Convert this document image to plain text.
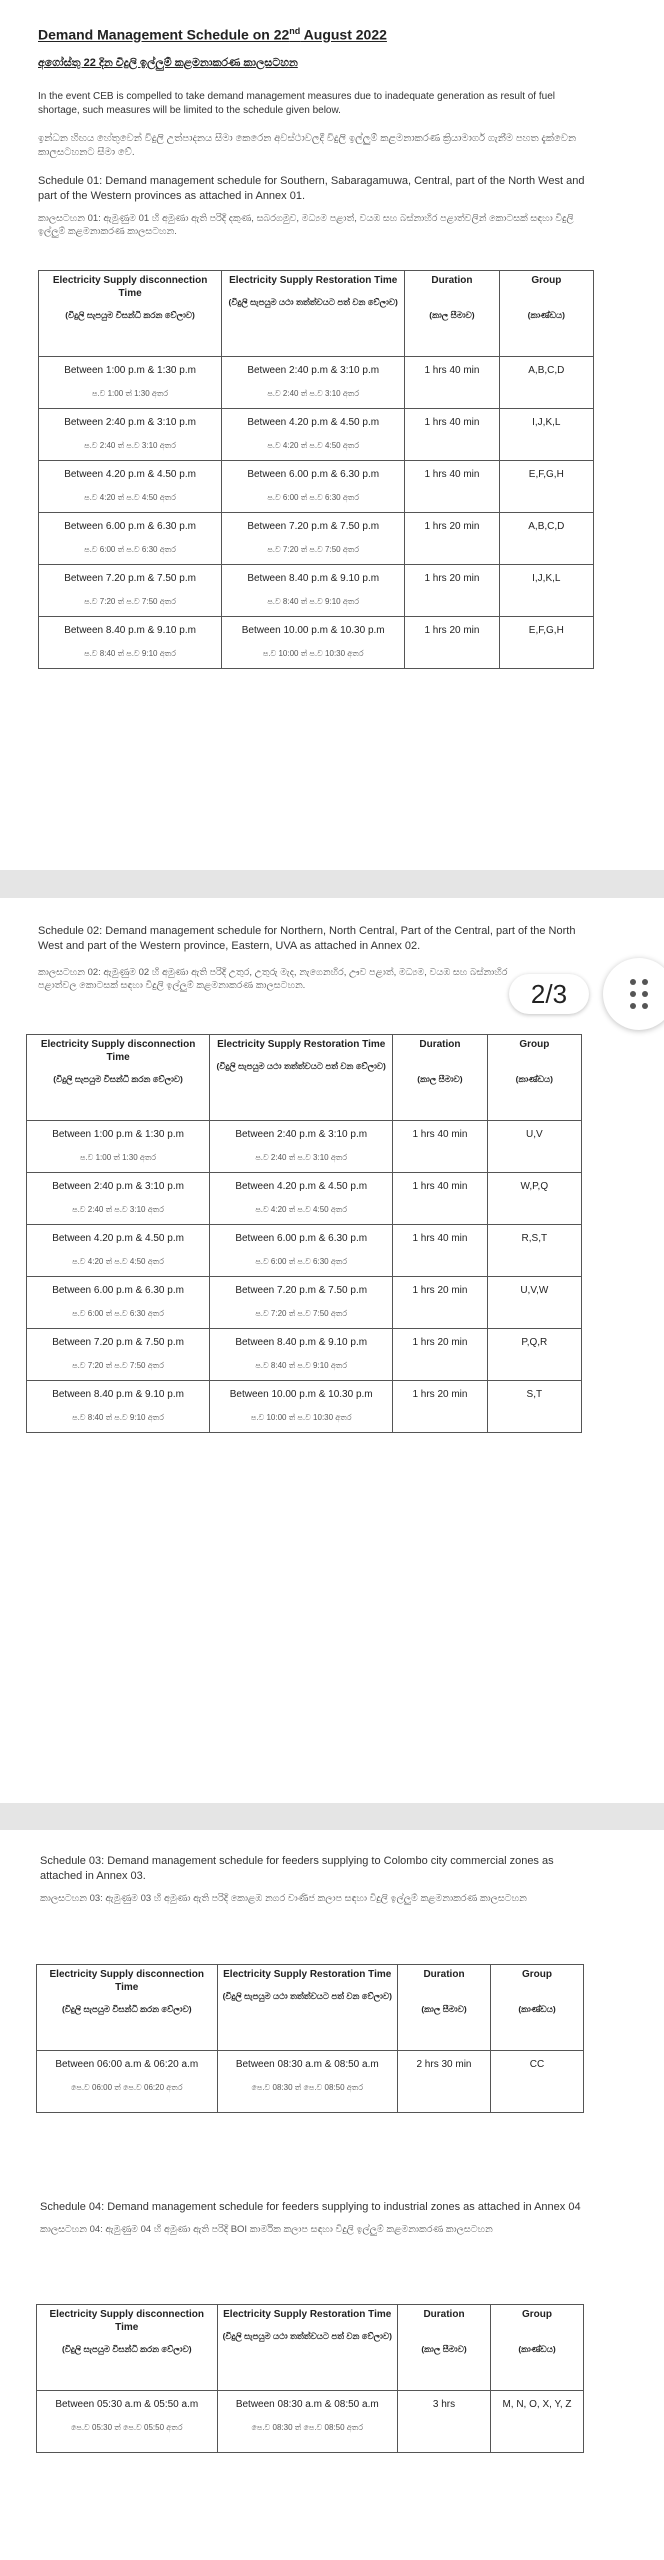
Demand Management Schedule on 22nd August 2022

අගෝස්තු 22 දින විදුලි ඉල්ලුම් කළමනාකරණ කාලසටහන

In the event CEB is compelled to take demand management measures due to inadequate generation as result of fuel shortage, such measures will be limited to the schedule given below.

ඉන්ධන හිඟය හේතුවෙන් විදුලි උත්පාදනය සීමා කෙරෙන අවස්ථාවලදී විදුලි ඉල්ලුම් කළමනාකරණ ක්‍රියාමාර්ග ගැනීම පහත දැක්වෙන කාලසටහනට සීමා වේ.

Schedule 01: Demand management schedule for Southern, Sabaragamuwa, Central, part of the North West and part of the Western provinces as attached in Annex 01.

කාලසටහන 01: ඇමුණුම 01 හි අමුණා ඇති පරිදි දකුණ, සබරගමුව, මධ්‍යම පළාත්, වයඹ සහ බස්නාහිර පළාත්වලින් කොටසක් සඳහා විදුලි ඉල්ලුම් කළමනාකරණ කාලසටහන.

Electricity Supply disconnection Time
(විදුලි සැපයුම විසන්ධි කරන වේලාව)	Electricity Supply Restoration Time
(විදුලි සැපයුම යථා තත්ත්වයට පත් වන වේලාව)	Duration
(කාල සීමාව)	Group
(කාණ්ඩය)

Between 1:00 p.m & 1:30 p.m
ප.ව 1:00 ත් 1:30 අතර	Between 2:40 p.m & 3:10 p.m
ප.ව 2:40 ත් ප.ව 3:10 අතර	1 hrs 40 min	A,B,C,D

Between 2:40 p.m & 3:10 p.m
ප.ව 2:40 ත් ප.ව 3:10 අතර	Between 4.20 p.m & 4.50 p.m
ප.ව 4:20 ත් ප.ව 4:50 අතර	1 hrs 40 min	I,J,K,L

Between 4.20 p.m & 4.50 p.m
ප.ව 4:20 ත් ප.ව 4:50 අතර	Between 6.00 p.m & 6.30 p.m
ප.ව 6:00 ත් ප.ව 6:30 අතර	1 hrs 40 min	E,F,G,H

Between 6.00 p.m & 6.30 p.m
ප.ව 6:00 ත් ප.ව 6:30 අතර	Between 7.20 p.m & 7.50 p.m
ප.ව 7:20 ත් ප.ව 7:50 අතර	1 hrs 20 min	A,B,C,D

Between 7.20 p.m & 7.50 p.m
ප.ව 7:20 ත් ප.ව 7:50 අතර	Between 8.40 p.m & 9.10 p.m
ප.ව 8:40 ත් ප.ව 9:10 අතර	1 hrs 20 min	I,J,K,L

Between 8.40 p.m & 9.10 p.m
ප.ව 8:40 ත් ප.ව 9:10 අතර	Between 10.00 p.m & 10.30 p.m
ප.ව 10:00 ත් ප.ව 10:30 අතර	1 hrs 20 min	E,F,G,H

Schedule 02: Demand management schedule for Northern, North Central, Part of the Central, part of the North West and part of the Western province, Eastern, UVA as attached in Annex 02.

කාලසටහන 02: ඇමුණුම 02 හි අමුණා ඇති පරිදි උතුර, උතුරු මැද, නැගෙනහිර, ඌව පළාත්, මධ්‍යම, වයඹ සහ බස්නාහිර පළාත්වල කොටසක් සඳහා විදුලි ඉල්ලුම් කළමනාකරණ කාලසටහන.

Electricity Supply disconnection Time
(විදුලි සැපයුම විසන්ධි කරන වේලාව)	Electricity Supply Restoration Time
(විදුලි සැපයුම යථා තත්ත්වයට පත් වන වේලාව)	Duration
(කාල සීමාව)	Group
(කාණ්ඩය)

Between 1:00 p.m & 1:30 p.m
ප.ව 1:00 ත් 1:30 අතර	Between 2:40 p.m & 3:10 p.m
ප.ව 2:40 ත් ප.ව 3:10 අතර	1 hrs 40 min	U,V

Between 2:40 p.m & 3:10 p.m
ප.ව 2:40 ත් ප.ව 3:10 අතර	Between 4.20 p.m & 4.50 p.m
ප.ව 4:20 ත් ප.ව 4:50 අතර	1 hrs 40 min	W,P,Q

Between 4.20 p.m & 4.50 p.m
ප.ව 4:20 ත් ප.ව 4:50 අතර	Between 6.00 p.m & 6.30 p.m
ප.ව 6:00 ත් ප.ව 6:30 අතර	1 hrs 40 min	R,S,T

Between 6.00 p.m & 6.30 p.m
ප.ව 6:00 ත් ප.ව 6:30 අතර	Between 7.20 p.m & 7.50 p.m
ප.ව 7:20 ත් ප.ව 7:50 අතර	1 hrs 20 min	U,V,W

Between 7.20 p.m & 7.50 p.m
ප.ව 7:20 ත් ප.ව 7:50 අතර	Between 8.40 p.m & 9.10 p.m
ප.ව 8:40 ත් ප.ව 9:10 අතර	1 hrs 20 min	P,Q,R

Between 8.40 p.m & 9.10 p.m
ප.ව 8:40 ත් ප.ව 9:10 අතර	Between 10.00 p.m & 10.30 p.m
ප.ව 10:00 ත් ප.ව 10:30 අතර	1 hrs 20 min	S,T

Schedule 03: Demand management schedule for feeders supplying to Colombo city commercial zones as attached in Annex 03.

කාලසටහන 03: ඇමුණුම 03 හි අමුණා ඇති පරිදි කොළඹ නගර වාණිජ කලාප සඳහා විදුලි ඉල්ලුම් කළමනාකරණ කාලසටහන

Electricity Supply disconnection Time
(විදුලි සැපයුම විසන්ධි කරන වේලාව)	Electricity Supply Restoration Time
(විදුලි සැපයුම යථා තත්ත්වයට පත් වන වේලාව)	Duration
(කාල සීමාව)	Group
(කාණ්ඩය)

Between 06:00 a.m & 06:20 a.m
පෙ.ව 06:00 ත් පෙ.ව 06:20 අතර	Between 08:30 a.m & 08:50 a.m
පෙ.ව 08:30 ත් පෙ.ව 08:50 අතර	2 hrs 30 min	CC

Schedule 04: Demand management schedule for feeders supplying to industrial zones as attached in Annex 04

කාලසටහන 04: ඇමුණුම 04 හි අමුණා ඇති පරිදි BOI කාර්මික කලාප සඳහා විදුලි ඉල්ලුම් කළමනාකරණ කාලසටහන

Electricity Supply disconnection Time
(විදුලි සැපයුම විසන්ධි කරන වේලාව)	Electricity Supply Restoration Time
(විදුලි සැපයුම යථා තත්ත්වයට පත් වන වේලාව)	Duration
(කාල සීමාව)	Group
(කාණ්ඩය)

Between 05:30 a.m & 05:50 a.m
පෙ.ව 05:30 ත් පෙ.ව 05:50 අතර	Between 08:30 a.m & 08:50 a.m
පෙ.ව 08:30 ත් පෙ.ව 08:50 අතර	3 hrs	M, N, O, X, Y, Z
2/3
